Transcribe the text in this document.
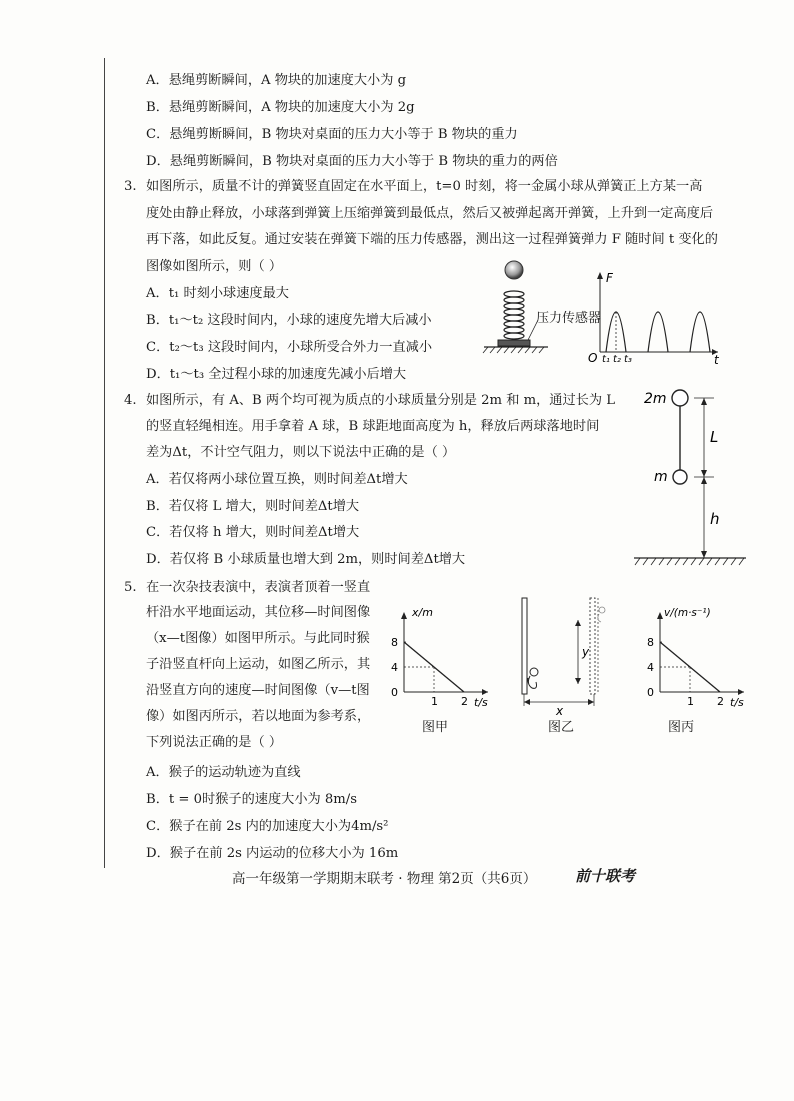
A．悬绳剪断瞬间，A 物块的加速度大小为 g
B．悬绳剪断瞬间，A 物块的加速度大小为 2g
C．悬绳剪断瞬间，B 物块对桌面的压力大小等于 B 物块的重力
D．悬绳剪断瞬间，B 物块对桌面的压力大小等于 B 物块的重力的两倍
3. 如图所示，质量不计的弹簧竖直固定在水平面上，t=0 时刻，将一金属小球从弹簧正上方某一高
度处由静止释放，小球落到弹簧上压缩弹簧到最低点，然后又被弹起离开弹簧，上升到一定高度后
再下落，如此反复。通过安装在弹簧下端的压力传感器，测出这一过程弹簧弹力 F 随时间 t 变化的
图像如图所示，则（ ）
A．t₁ 时刻小球速度最大
B．t₁～t₂ 这段时间内，小球的速度先增大后减小
C．t₂～t₃ 这段时间内，小球所受合外力一直减小
D．t₁～t₃ 全过程小球的加速度先减小后增大
压力传感器
F
t
O t₁ t₂ t₃
4. 如图所示，有 A、B 两个均可视为质点的小球质量分别是 2m 和 m，通过长为 L
的竖直轻绳相连。用手拿着 A 球，B 球距地面高度为 h，释放后两球落地时间
差为Δt，不计空气阻力，则以下说法中正确的是（ ）
A．若仅将两小球位置互换，则时间差Δt增大
B．若仅将 L 增大，则时间差Δt增大
C．若仅将 h 增大，则时间差Δt增大
D．若仅将 B 小球质量也增大到 2m，则时间差Δt增大
2m
m
L
h
5. 在一次杂技表演中，表演者顶着一竖直
杆沿水平地面运动，其位移—时间图像
（x—t图像）如图甲所示。与此同时猴
子沿竖直杆向上运动，如图乙所示，其
沿竖直方向的速度—时间图像（v—t图
像）如图丙所示，若以地面为参考系，
下列说法正确的是（ ）
A．猴子的运动轨迹为直线
B．t = 0时猴子的速度大小为 8m/s
C．猴子在前 2s 内的加速度大小为4m/s²
D．猴子在前 2s 内运动的位移大小为 16m
x/m
t/s
8
4
0
1 2
图甲
x
y
图乙
v/(m·s⁻¹)
t/s
8
4
0
1 2
图丙
高一年级第一学期期末联考 · 物理 第2页（共6页）	前十联考
